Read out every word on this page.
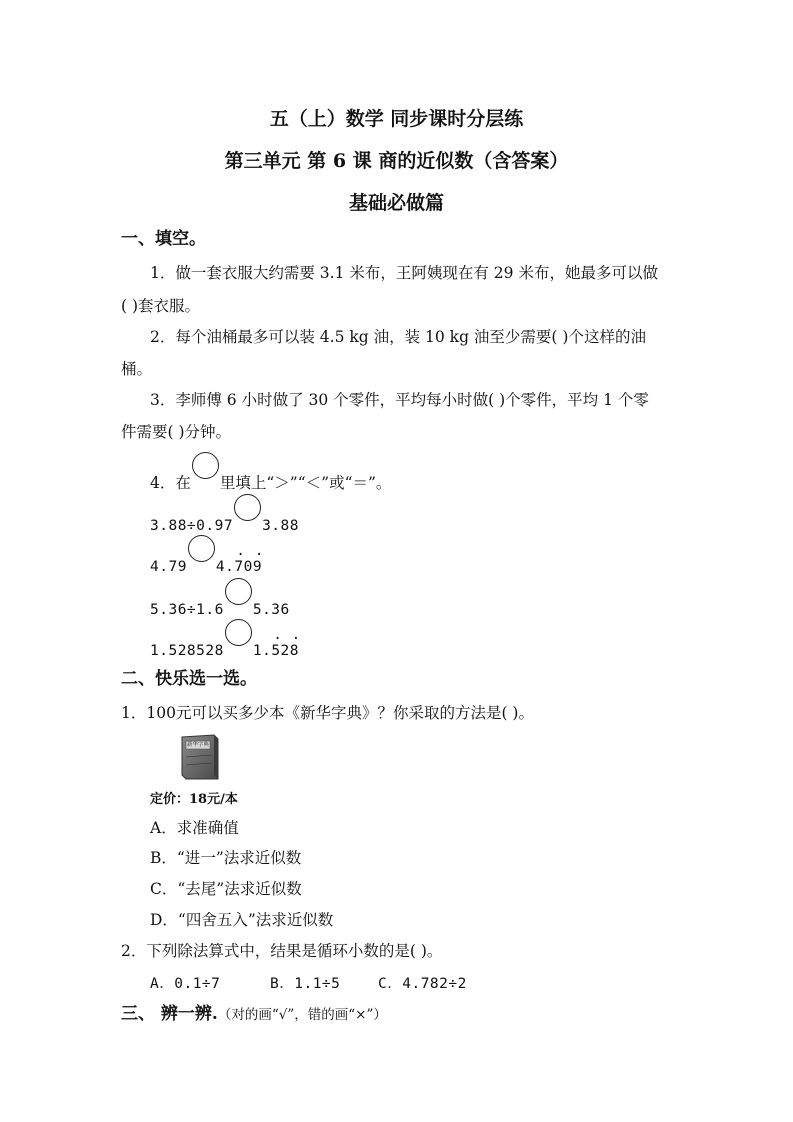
五（上）数学 同步课时分层练
第三单元 第 6 课 商的近似数（含答案）
基础必做篇
一、填空。
1．做一套衣服大约需要 3.1 米布，王阿姨现在有 29 米布，她最多可以做
( )套衣服。
2．每个油桶最多可以装 4.5 kg 油，装 10 kg 油至少需要( )个这样的油
桶。
3．李师傅 6 小时做了 30 个零件，平均每小时做( )个零件，平均 1 个零
件需要( )分钟。
4．在 里填上“＞”“＜”或“＝”。
3.88÷0.97 3.88
4.79 4.· 70· 9
5.36÷1.6 5.36
1.528528 1.· 52· 8
二、快乐选一选。
1．100元可以买多少本《新华字典》？你采取的方法是( )。
新华字典
定价：18元/本
A．求准确值
B．“进一”法求近似数
C．“去尾”法求近似数
D．“四舍五入”法求近似数
2．下列除法算式中，结果是循环小数的是( )。
A．0.1÷7	B．1.1÷5	C．4.782÷2
三、 辨一辨.（对的画“√”，错的画“×”）
